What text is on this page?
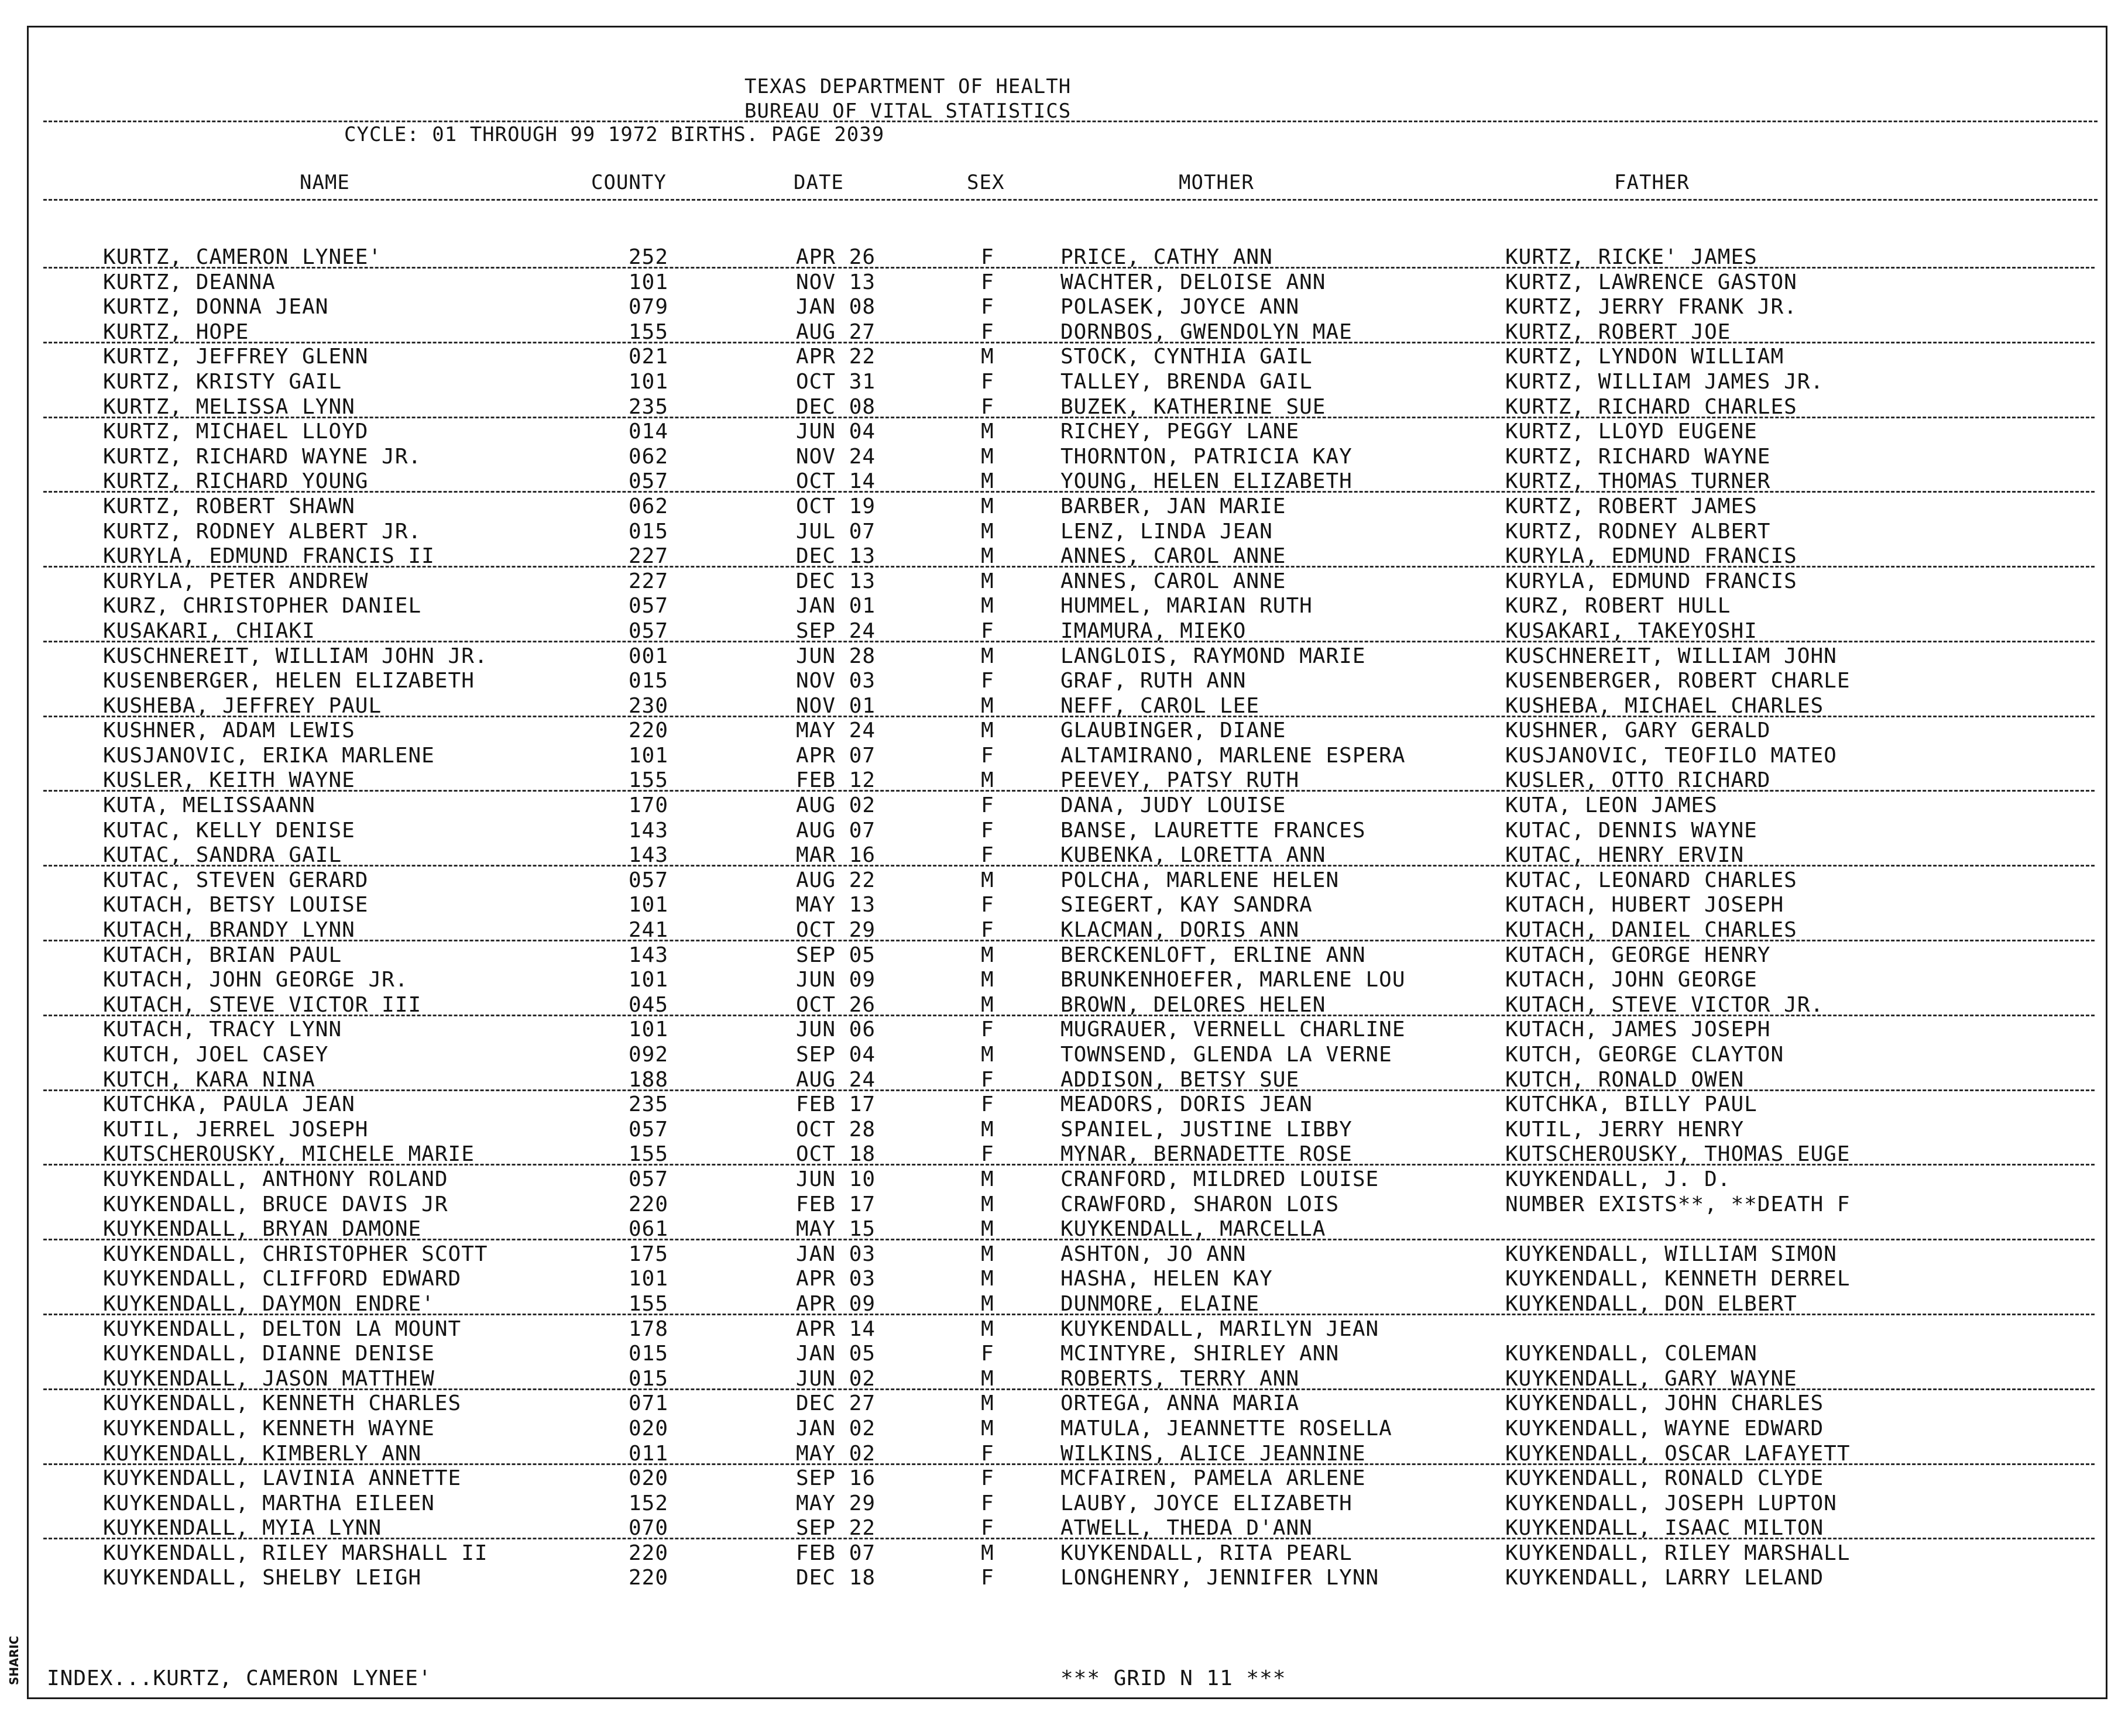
SHARIC
TEXAS DEPARTMENT OF HEALTH
BUREAU OF VITAL STATISTICS
CYCLE: 01 THROUGH 99 1972 BIRTHS. PAGE 2039
NAME	COUNTY	DATE	SEX	MOTHER	FATHER
KURTZ, CAMERON LYNEE'	252	APR 26	F	PRICE, CATHY ANN	KURTZ, RICKE' JAMES
KURTZ, DEANNA	101	NOV 13	F	WACHTER, DELOISE ANN	KURTZ, LAWRENCE GASTON
KURTZ, DONNA JEAN	079	JAN 08	F	POLASEK, JOYCE ANN	KURTZ, JERRY FRANK JR.
KURTZ, HOPE	155	AUG 27	F	DORNBOS, GWENDOLYN MAE	KURTZ, ROBERT JOE
KURTZ, JEFFREY GLENN	021	APR 22	M	STOCK, CYNTHIA GAIL	KURTZ, LYNDON WILLIAM
KURTZ, KRISTY GAIL	101	OCT 31	F	TALLEY, BRENDA GAIL	KURTZ, WILLIAM JAMES JR.
KURTZ, MELISSA LYNN	235	DEC 08	F	BUZEK, KATHERINE SUE	KURTZ, RICHARD CHARLES
KURTZ, MICHAEL LLOYD	014	JUN 04	M	RICHEY, PEGGY LANE	KURTZ, LLOYD EUGENE
KURTZ, RICHARD WAYNE JR.	062	NOV 24	M	THORNTON, PATRICIA KAY	KURTZ, RICHARD WAYNE
KURTZ, RICHARD YOUNG	057	OCT 14	M	YOUNG, HELEN ELIZABETH	KURTZ, THOMAS TURNER
KURTZ, ROBERT SHAWN	062	OCT 19	M	BARBER, JAN MARIE	KURTZ, ROBERT JAMES
KURTZ, RODNEY ALBERT JR.	015	JUL 07	M	LENZ, LINDA JEAN	KURTZ, RODNEY ALBERT
KURYLA, EDMUND FRANCIS II	227	DEC 13	M	ANNES, CAROL ANNE	KURYLA, EDMUND FRANCIS
KURYLA, PETER ANDREW	227	DEC 13	M	ANNES, CAROL ANNE	KURYLA, EDMUND FRANCIS
KURZ, CHRISTOPHER DANIEL	057	JAN 01	M	HUMMEL, MARIAN RUTH	KURZ, ROBERT HULL
KUSAKARI, CHIAKI	057	SEP 24	F	IMAMURA, MIEKO	KUSAKARI, TAKEYOSHI
KUSCHNEREIT, WILLIAM JOHN JR.	001	JUN 28	M	LANGLOIS, RAYMOND MARIE	KUSCHNEREIT, WILLIAM JOHN
KUSENBERGER, HELEN ELIZABETH	015	NOV 03	F	GRAF, RUTH ANN	KUSENBERGER, ROBERT CHARLE
KUSHEBA, JEFFREY PAUL	230	NOV 01	M	NEFF, CAROL LEE	KUSHEBA, MICHAEL CHARLES
KUSHNER, ADAM LEWIS	220	MAY 24	M	GLAUBINGER, DIANE	KUSHNER, GARY GERALD
KUSJANOVIC, ERIKA MARLENE	101	APR 07	F	ALTAMIRANO, MARLENE ESPERA	KUSJANOVIC, TEOFILO MATEO
KUSLER, KEITH WAYNE	155	FEB 12	M	PEEVEY, PATSY RUTH	KUSLER, OTTO RICHARD
KUTA, MELISSAANN	170	AUG 02	F	DANA, JUDY LOUISE	KUTA, LEON JAMES
KUTAC, KELLY DENISE	143	AUG 07	F	BANSE, LAURETTE FRANCES	KUTAC, DENNIS WAYNE
KUTAC, SANDRA GAIL	143	MAR 16	F	KUBENKA, LORETTA ANN	KUTAC, HENRY ERVIN
KUTAC, STEVEN GERARD	057	AUG 22	M	POLCHA, MARLENE HELEN	KUTAC, LEONARD CHARLES
KUTACH, BETSY LOUISE	101	MAY 13	F	SIEGERT, KAY SANDRA	KUTACH, HUBERT JOSEPH
KUTACH, BRANDY LYNN	241	OCT 29	F	KLACMAN, DORIS ANN	KUTACH, DANIEL CHARLES
KUTACH, BRIAN PAUL	143	SEP 05	M	BERCKENLOFT, ERLINE ANN	KUTACH, GEORGE HENRY
KUTACH, JOHN GEORGE JR.	101	JUN 09	M	BRUNKENHOEFER, MARLENE LOU	KUTACH, JOHN GEORGE
KUTACH, STEVE VICTOR III	045	OCT 26	M	BROWN, DELORES HELEN	KUTACH, STEVE VICTOR JR.
KUTACH, TRACY LYNN	101	JUN 06	F	MUGRAUER, VERNELL CHARLINE	KUTACH, JAMES JOSEPH
KUTCH, JOEL CASEY	092	SEP 04	M	TOWNSEND, GLENDA LA VERNE	KUTCH, GEORGE CLAYTON
KUTCH, KARA NINA	188	AUG 24	F	ADDISON, BETSY SUE	KUTCH, RONALD OWEN
KUTCHKA, PAULA JEAN	235	FEB 17	F	MEADORS, DORIS JEAN	KUTCHKA, BILLY PAUL
KUTIL, JERREL JOSEPH	057	OCT 28	M	SPANIEL, JUSTINE LIBBY	KUTIL, JERRY HENRY
KUTSCHEROUSKY, MICHELE MARIE	155	OCT 18	F	MYNAR, BERNADETTE ROSE	KUTSCHEROUSKY, THOMAS EUGE
KUYKENDALL, ANTHONY ROLAND	057	JUN 10	M	CRANFORD, MILDRED LOUISE	KUYKENDALL, J. D.
KUYKENDALL, BRUCE DAVIS JR	220	FEB 17	M	CRAWFORD, SHARON LOIS	NUMBER EXISTS**, **DEATH F
KUYKENDALL, BRYAN DAMONE	061	MAY 15	M	KUYKENDALL, MARCELLA
KUYKENDALL, CHRISTOPHER SCOTT	175	JAN 03	M	ASHTON, JO ANN	KUYKENDALL, WILLIAM SIMON
KUYKENDALL, CLIFFORD EDWARD	101	APR 03	M	HASHA, HELEN KAY	KUYKENDALL, KENNETH DERREL
KUYKENDALL, DAYMON ENDRE'	155	APR 09	M	DUNMORE, ELAINE	KUYKENDALL, DON ELBERT
KUYKENDALL, DELTON LA MOUNT	178	APR 14	M	KUYKENDALL, MARILYN JEAN
KUYKENDALL, DIANNE DENISE	015	JAN 05	F	MCINTYRE, SHIRLEY ANN	KUYKENDALL, COLEMAN
KUYKENDALL, JASON MATTHEW	015	JUN 02	M	ROBERTS, TERRY ANN	KUYKENDALL, GARY WAYNE
KUYKENDALL, KENNETH CHARLES	071	DEC 27	M	ORTEGA, ANNA MARIA	KUYKENDALL, JOHN CHARLES
KUYKENDALL, KENNETH WAYNE	020	JAN 02	M	MATULA, JEANNETTE ROSELLA	KUYKENDALL, WAYNE EDWARD
KUYKENDALL, KIMBERLY ANN	011	MAY 02	F	WILKINS, ALICE JEANNINE	KUYKENDALL, OSCAR LAFAYETT
KUYKENDALL, LAVINIA ANNETTE	020	SEP 16	F	MCFAIREN, PAMELA ARLENE	KUYKENDALL, RONALD CLYDE
KUYKENDALL, MARTHA EILEEN	152	MAY 29	F	LAUBY, JOYCE ELIZABETH	KUYKENDALL, JOSEPH LUPTON
KUYKENDALL, MYIA LYNN	070	SEP 22	F	ATWELL, THEDA D'ANN	KUYKENDALL, ISAAC MILTON
KUYKENDALL, RILEY MARSHALL II	220	FEB 07	M	KUYKENDALL, RITA PEARL	KUYKENDALL, RILEY MARSHALL
KUYKENDALL, SHELBY LEIGH	220	DEC 18	F	LONGHENRY, JENNIFER LYNN	KUYKENDALL, LARRY LELAND
INDEX...KURTZ, CAMERON LYNEE'	*** GRID N 11 ***
